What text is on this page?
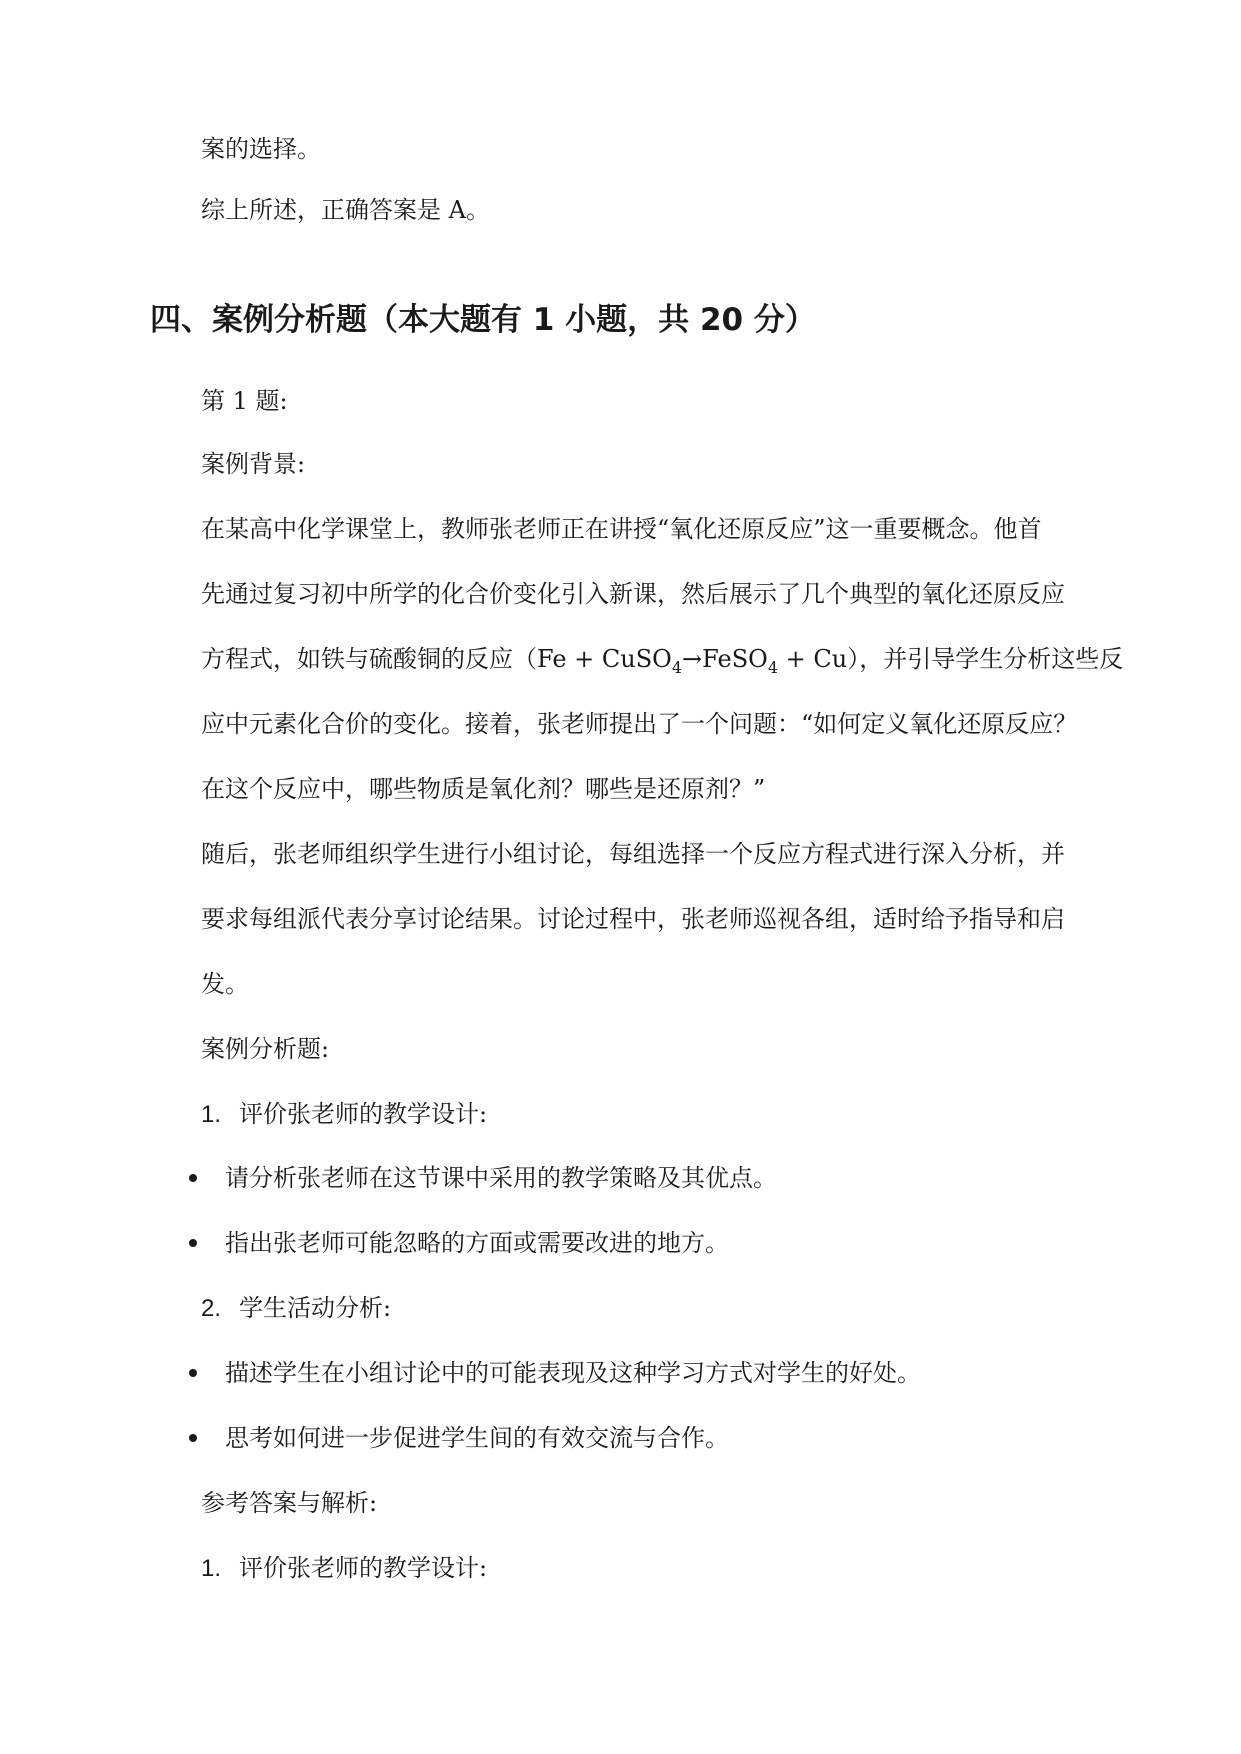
案的选择。
综上所述，正确答案是 A。
四、案例分析题（本大题有 1 小题，共 20 分）
第 1 题:
案例背景:
在某高中化学课堂上，教师张老师正在讲授“氧化还原反应”这一重要概念。他首
先通过复习初中所学的化合价变化引入新课，然后展示了几个典型的氧化还原反应
方程式，如铁与硫酸铜的反应（Fe + CuSO$_4$→FeSO$_4$ + Cu），并引导学生分析这些反
应中元素化合价的变化。接着，张老师提出了一个问题：“如何定义氧化还原反应？
在这个反应中，哪些物质是氧化剂？哪些是还原剂？”
随后，张老师组织学生进行小组讨论，每组选择一个反应方程式进行深入分析，并
要求每组派代表分享讨论结果。讨论过程中，张老师巡视各组，适时给予指导和启
发。
案例分析题:
1. 评价张老师的教学设计:
请分析张老师在这节课中采用的教学策略及其优点。
指出张老师可能忽略的方面或需要改进的地方。
2. 学生活动分析:
描述学生在小组讨论中的可能表现及这种学习方式对学生的好处。
思考如何进一步促进学生间的有效交流与合作。
参考答案与解析:
1. 评价张老师的教学设计:
